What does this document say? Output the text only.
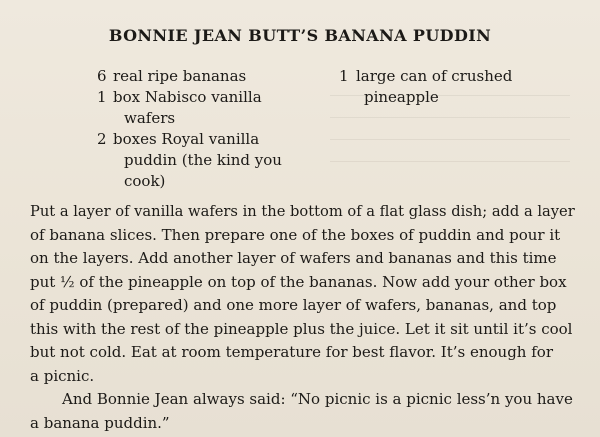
BONNIE JEAN BUTT’S BANANA PUDDIN
6 real ripe bananas
1 box Nabisco vanilla
wafers
2 boxes Royal vanilla
puddin (the kind you
cook)
1 large can of crushed
pineapple
Put a layer of vanilla wafers in the bottom of a flat glass dish; add a layer
of banana slices. Then prepare one of the boxes of puddin and pour it
on the layers. Add another layer of wafers and bananas and this time
put ½ of the pineapple on top of the bananas. Now add your other box
of puddin (prepared) and one more layer of wafers, bananas, and top
this with the rest of the pineapple plus the juice. Let it sit until it’s cool
but not cold. Eat at room temperature for best flavor. It’s enough for
a picnic.
And Bonnie Jean always said: “No picnic is a picnic less’n you have
a banana puddin.”
